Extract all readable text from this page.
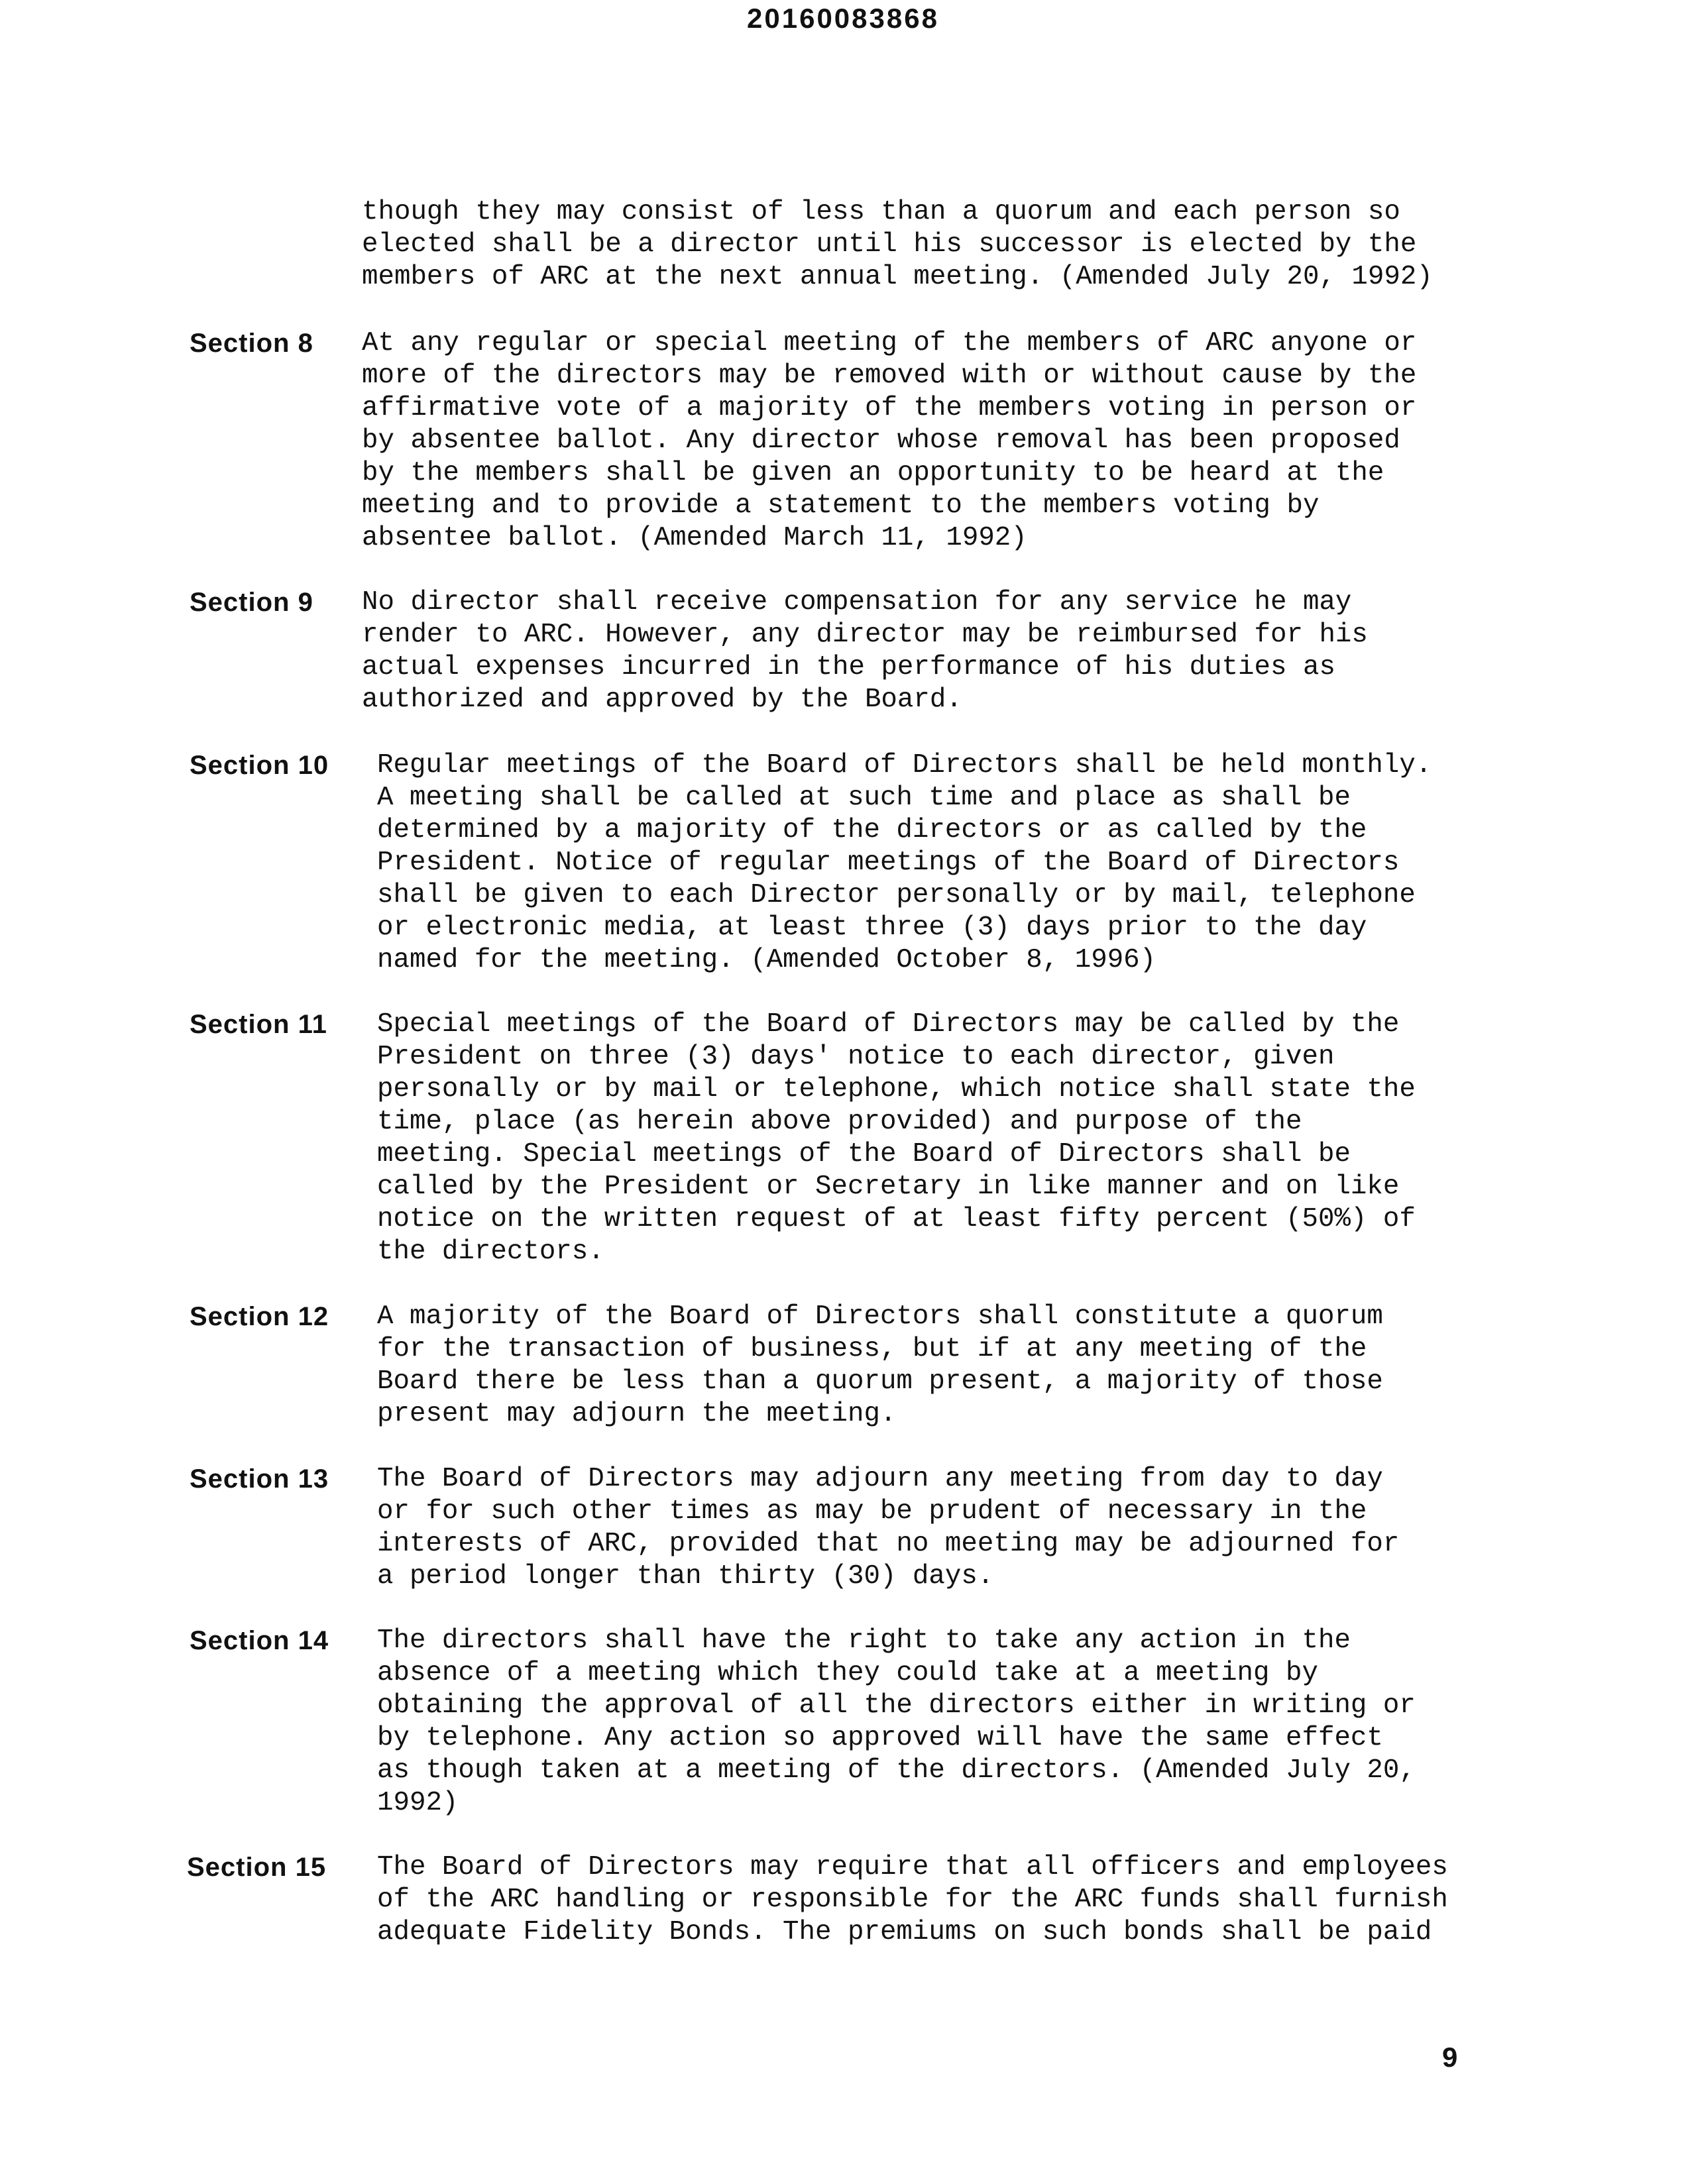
20160083868
though they may consist of less than a quorum and each person so
elected shall be a director until his successor is elected by the
members of ARC at the next annual meeting. (Amended July 20, 1992)
Section 8 At any regular or special meeting of the members of ARC anyone or
more of the directors may be removed with or without cause by the
affirmative vote of a majority of the members voting in person or
by absentee ballot. Any director whose removal has been proposed
by the members shall be given an opportunity to be heard at the
meeting and to provide a statement to the members voting by
absentee ballot. (Amended March 11, 1992)
Section 9 No director shall receive compensation for any service he may
render to ARC. However, any director may be reimbursed for his
actual expenses incurred in the performance of his duties as
authorized and approved by the Board.
Section 10 Regular meetings of the Board of Directors shall be held monthly.
A meeting shall be called at such time and place as shall be
determined by a majority of the directors or as called by the
President. Notice of regular meetings of the Board of Directors
shall be given to each Director personally or by mail, telephone
or electronic media, at least three (3) days prior to the day
named for the meeting. (Amended October 8, 1996)
Section 11 Special meetings of the Board of Directors may be called by the
President on three (3) days' notice to each director, given
personally or by mail or telephone, which notice shall state the
time, place (as herein above provided) and purpose of the
meeting. Special meetings of the Board of Directors shall be
called by the President or Secretary in like manner and on like
notice on the written request of at least fifty percent (50%) of
the directors.
Section 12 A majority of the Board of Directors shall constitute a quorum
for the transaction of business, but if at any meeting of the
Board there be less than a quorum present, a majority of those
present may adjourn the meeting.
Section 13 The Board of Directors may adjourn any meeting from day to day
or for such other times as may be prudent of necessary in the
interests of ARC, provided that no meeting may be adjourned for
a period longer than thirty (30) days.
Section 14 The directors shall have the right to take any action in the
absence of a meeting which they could take at a meeting by
obtaining the approval of all the directors either in writing or
by telephone. Any action so approved will have the same effect
as though taken at a meeting of the directors. (Amended July 20,
1992)
Section 15 The Board of Directors may require that all officers and employees
of the ARC handling or responsible for the ARC funds shall furnish
adequate Fidelity Bonds. The premiums on such bonds shall be paid
9
